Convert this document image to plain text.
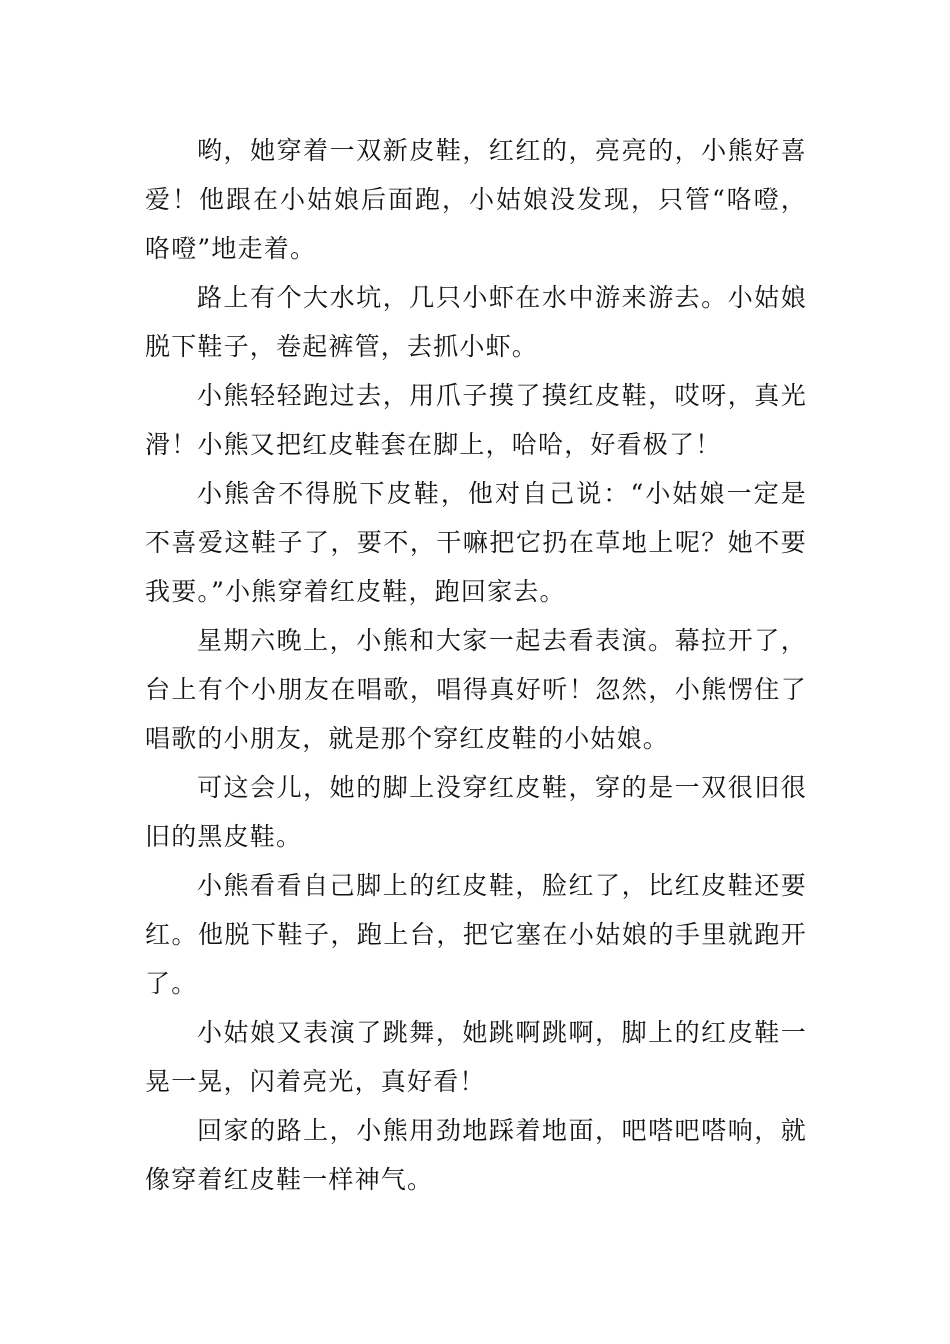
哟，她穿着一双新皮鞋，红红的，亮亮的，小熊好喜爱！他跟在小姑娘后面跑，小姑娘没发现，只管“咯噔，咯噔”地走着。

路上有个大水坑，几只小虾在水中游来游去。小姑娘脱下鞋子，卷起裤管，去抓小虾。

小熊轻轻跑过去，用爪子摸了摸红皮鞋，哎呀，真光滑！小熊又把红皮鞋套在脚上，哈哈，好看极了！

小熊舍不得脱下皮鞋，他对自己说：“小姑娘一定是不喜爱这鞋子了，要不，干嘛把它扔在草地上呢？她不要我要。”小熊穿着红皮鞋，跑回家去。

星期六晚上，小熊和大家一起去看表演。幕拉开了，台上有个小朋友在唱歌，唱得真好听！忽然，小熊愣住了唱歌的小朋友，就是那个穿红皮鞋的小姑娘。

可这会儿，她的脚上没穿红皮鞋，穿的是一双很旧很旧的黑皮鞋。

小熊看看自己脚上的红皮鞋，脸红了，比红皮鞋还要红。他脱下鞋子，跑上台，把它塞在小姑娘的手里就跑开了。

小姑娘又表演了跳舞，她跳啊跳啊，脚上的红皮鞋一晃一晃，闪着亮光，真好看！

回家的路上，小熊用劲地踩着地面，吧嗒吧嗒响，就像穿着红皮鞋一样神气。
